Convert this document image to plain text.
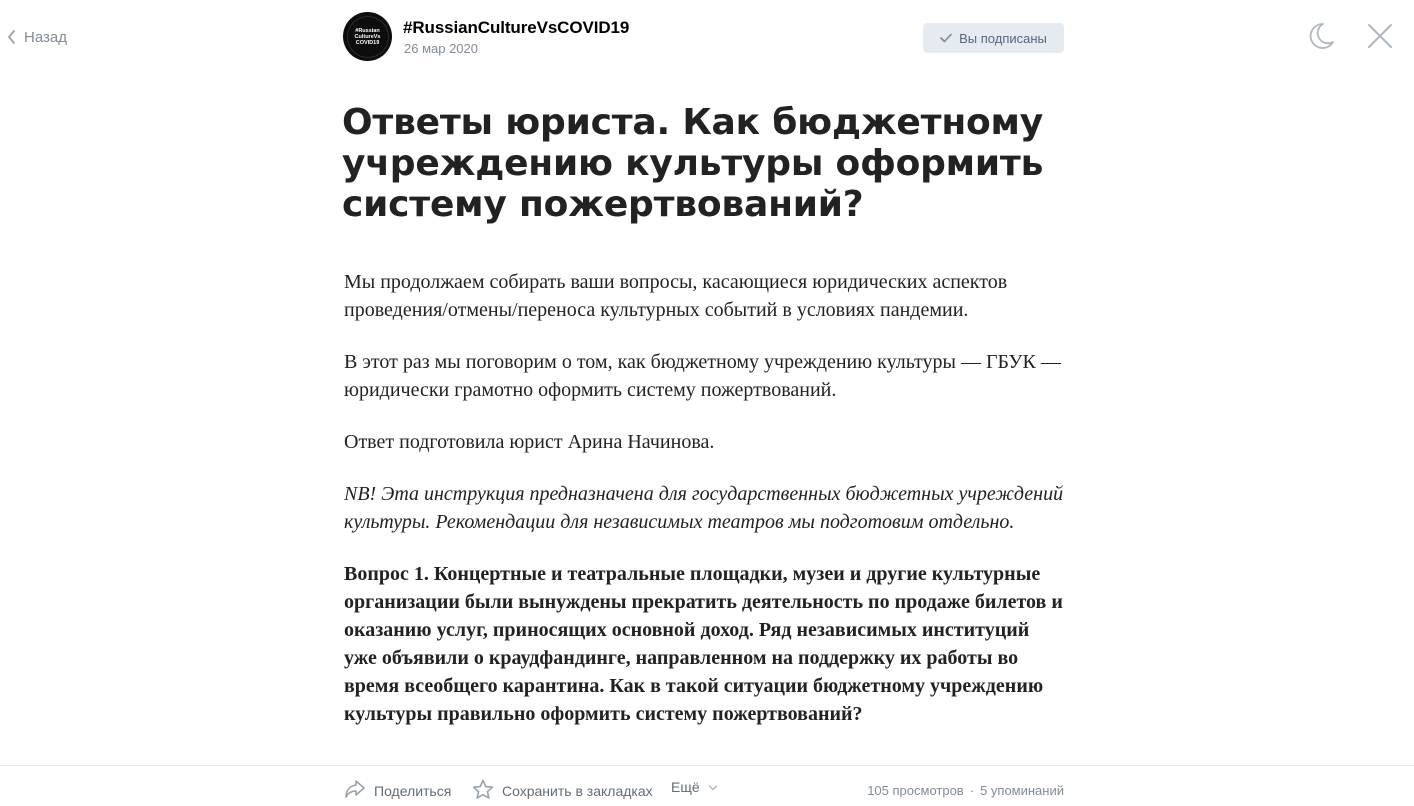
Назад	#Russian
CultureVs
COVID19
#RussianCultureVsCOVID19
26 мар 2020
Вы подписаны
Ответы юриста. Как бюджетному учреждению культуры оформить систему пожертвований?

Мы продолжаем собирать ваши вопросы, касающиеся юридических аспектов проведения/отмены/переноса культурных событий в условиях пандемии.

В этот раз мы поговорим о том, как бюджетному учреждению культуры — ГБУК — юридически грамотно оформить систему пожертвований.

Ответ подготовила юрист Арина Начинова.

NB! Эта инструкция предназначена для государственных бюджетных учреждений культуры. Рекомендации для независимых театров мы подготовим отдельно.

Вопрос 1. Концертные и театральные площадки, музеи и другие культурные организации были вынуждены прекратить деятельность по продаже билетов и оказанию услуг, приносящих основной доход. Ряд независимых институций уже объявили о краудфандинге, направленном на поддержку их работы во время всеобщего карантина. Как в такой ситуации бюджетному учреждению культуры правильно оформить систему пожертвований?

Поделиться	Сохранить в закладках Ещё	105 просмотров · 5 упоминаний
